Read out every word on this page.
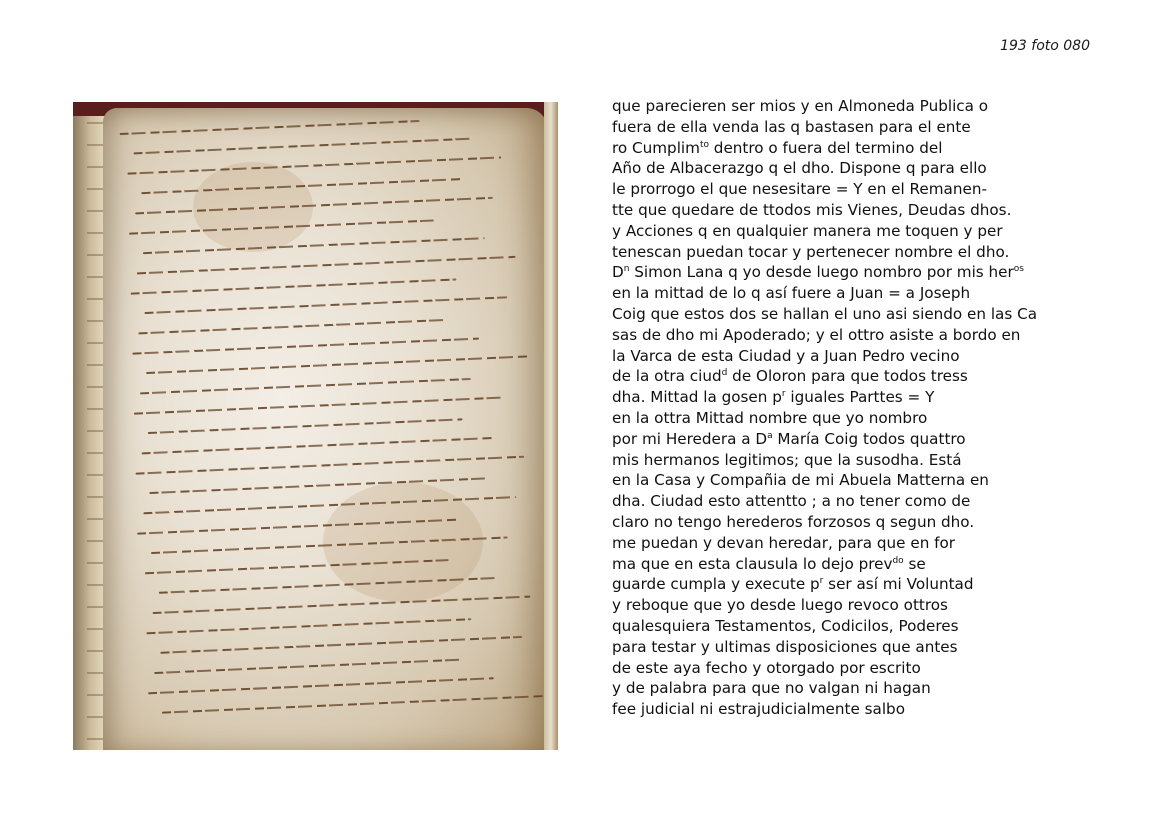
193 foto 080
que parecieren ser mios y en Almoneda Publica o
fuera de ella venda las q bastasen para el ente
ro Cumplim$^{to}$ dentro o fuera del termino del
Año de Albacerazgo q el dho. Dispone q para ello
le prorrogo el que nesesitare = Y en el Remanen-
tte que quedare de ttodos mis Vienes, Deudas dhos.
y Acciones q en qualquier manera me toquen y per
tenescan puedan tocar y pertenecer nombre el dho.
$D^n$ Simon Lana q yo desde luego nombro por mis her$^{os}$
en la mittad de lo q así fuere a Juan = a Joseph
Coig que estos dos se hallan el uno asi siendo en las Ca
sas de dho mi Apoderado; y el ottro asiste a bordo en
la Varca de esta Ciudad y a Juan Pedro vecino
de la otra ciud$^d$ de Oloron para que todos tress
dha. Mittad la gosen $p^r$ iguales Parttes = Y
en la ottra Mittad nombre que yo nombro
por mi Heredera a $D^a$ María Coig todos quattro
mis hermanos legitimos; que la susodha. Está
en la Casa y Compañia de mi Abuela Matterna en
dha. Ciudad esto attentto ; a no tener como de
claro no tengo herederos forzosos q segun dho.
me puedan y devan heredar, para que en for
ma que en esta clausula lo dejo prev$^{do}$ se
guarde cumpla y execute $p^r$ ser así mi Voluntad
y reboque que yo desde luego revoco ottros
qualesquiera Testamentos, Codicilos, Poderes
para testar y ultimas disposiciones que antes
de este aya fecho y otorgado por escrito
y de palabra para que no valgan ni hagan
fee judicial ni estrajudicialmente salbo
